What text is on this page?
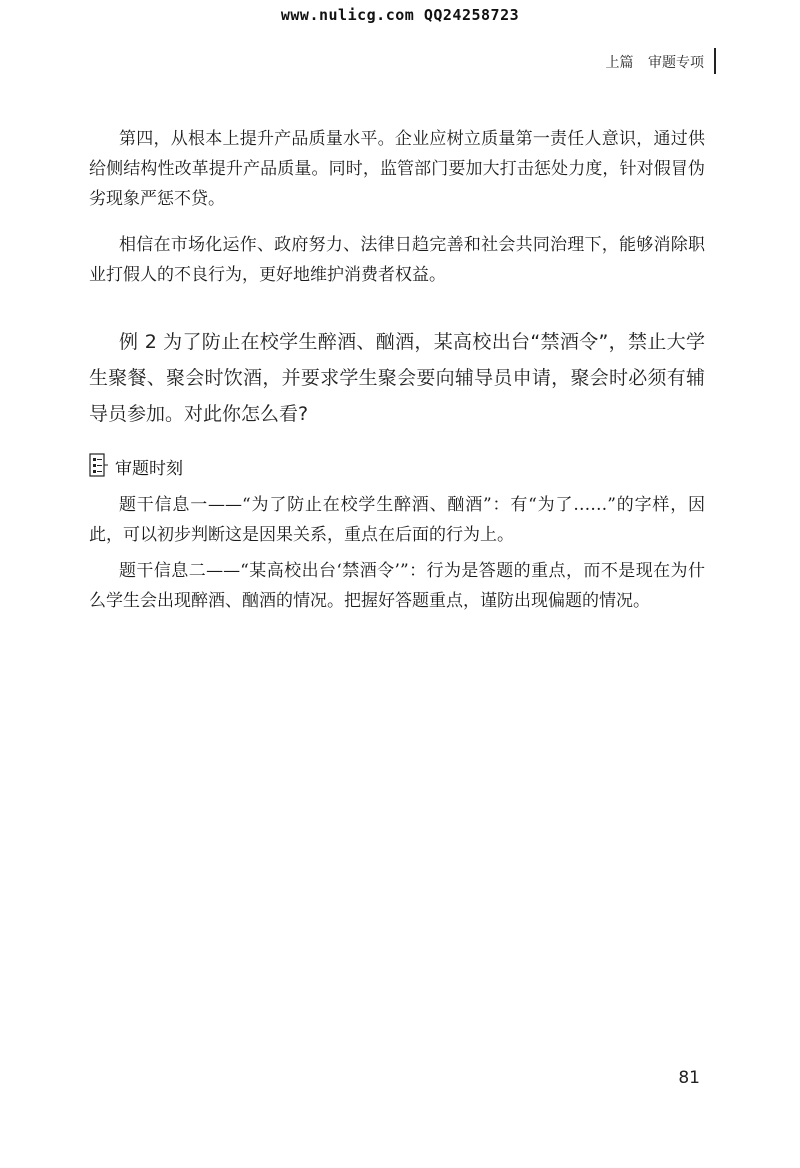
www.nulicg.com QQ24258723
上篇 审题专项

第四，从根本上提升产品质量水平。企业应树立质量第一责任人意识，通过供给侧结构性改革提升产品质量。同时，监管部门要加大打击惩处力度，针对假冒伪劣现象严惩不贷。

相信在市场化运作、政府努力、法律日趋完善和社会共同治理下，能够消除职业打假人的不良行为，更好地维护消费者权益。

例 2 为了防止在校学生醉酒、酗酒，某高校出台“禁酒令”，禁止大学生聚餐、聚会时饮酒，并要求学生聚会要向辅导员申请，聚会时必须有辅导员参加。对此你怎么看?

审题时刻

题干信息一——“为了防止在校学生醉酒、酗酒”：有“为了……”的字样，因此，可以初步判断这是因果关系，重点在后面的行为上。

题干信息二——“某高校出台‘禁酒令’”：行为是答题的重点，而不是现在为什么学生会出现醉酒、酗酒的情况。把握好答题重点，谨防出现偏题的情况。

81
